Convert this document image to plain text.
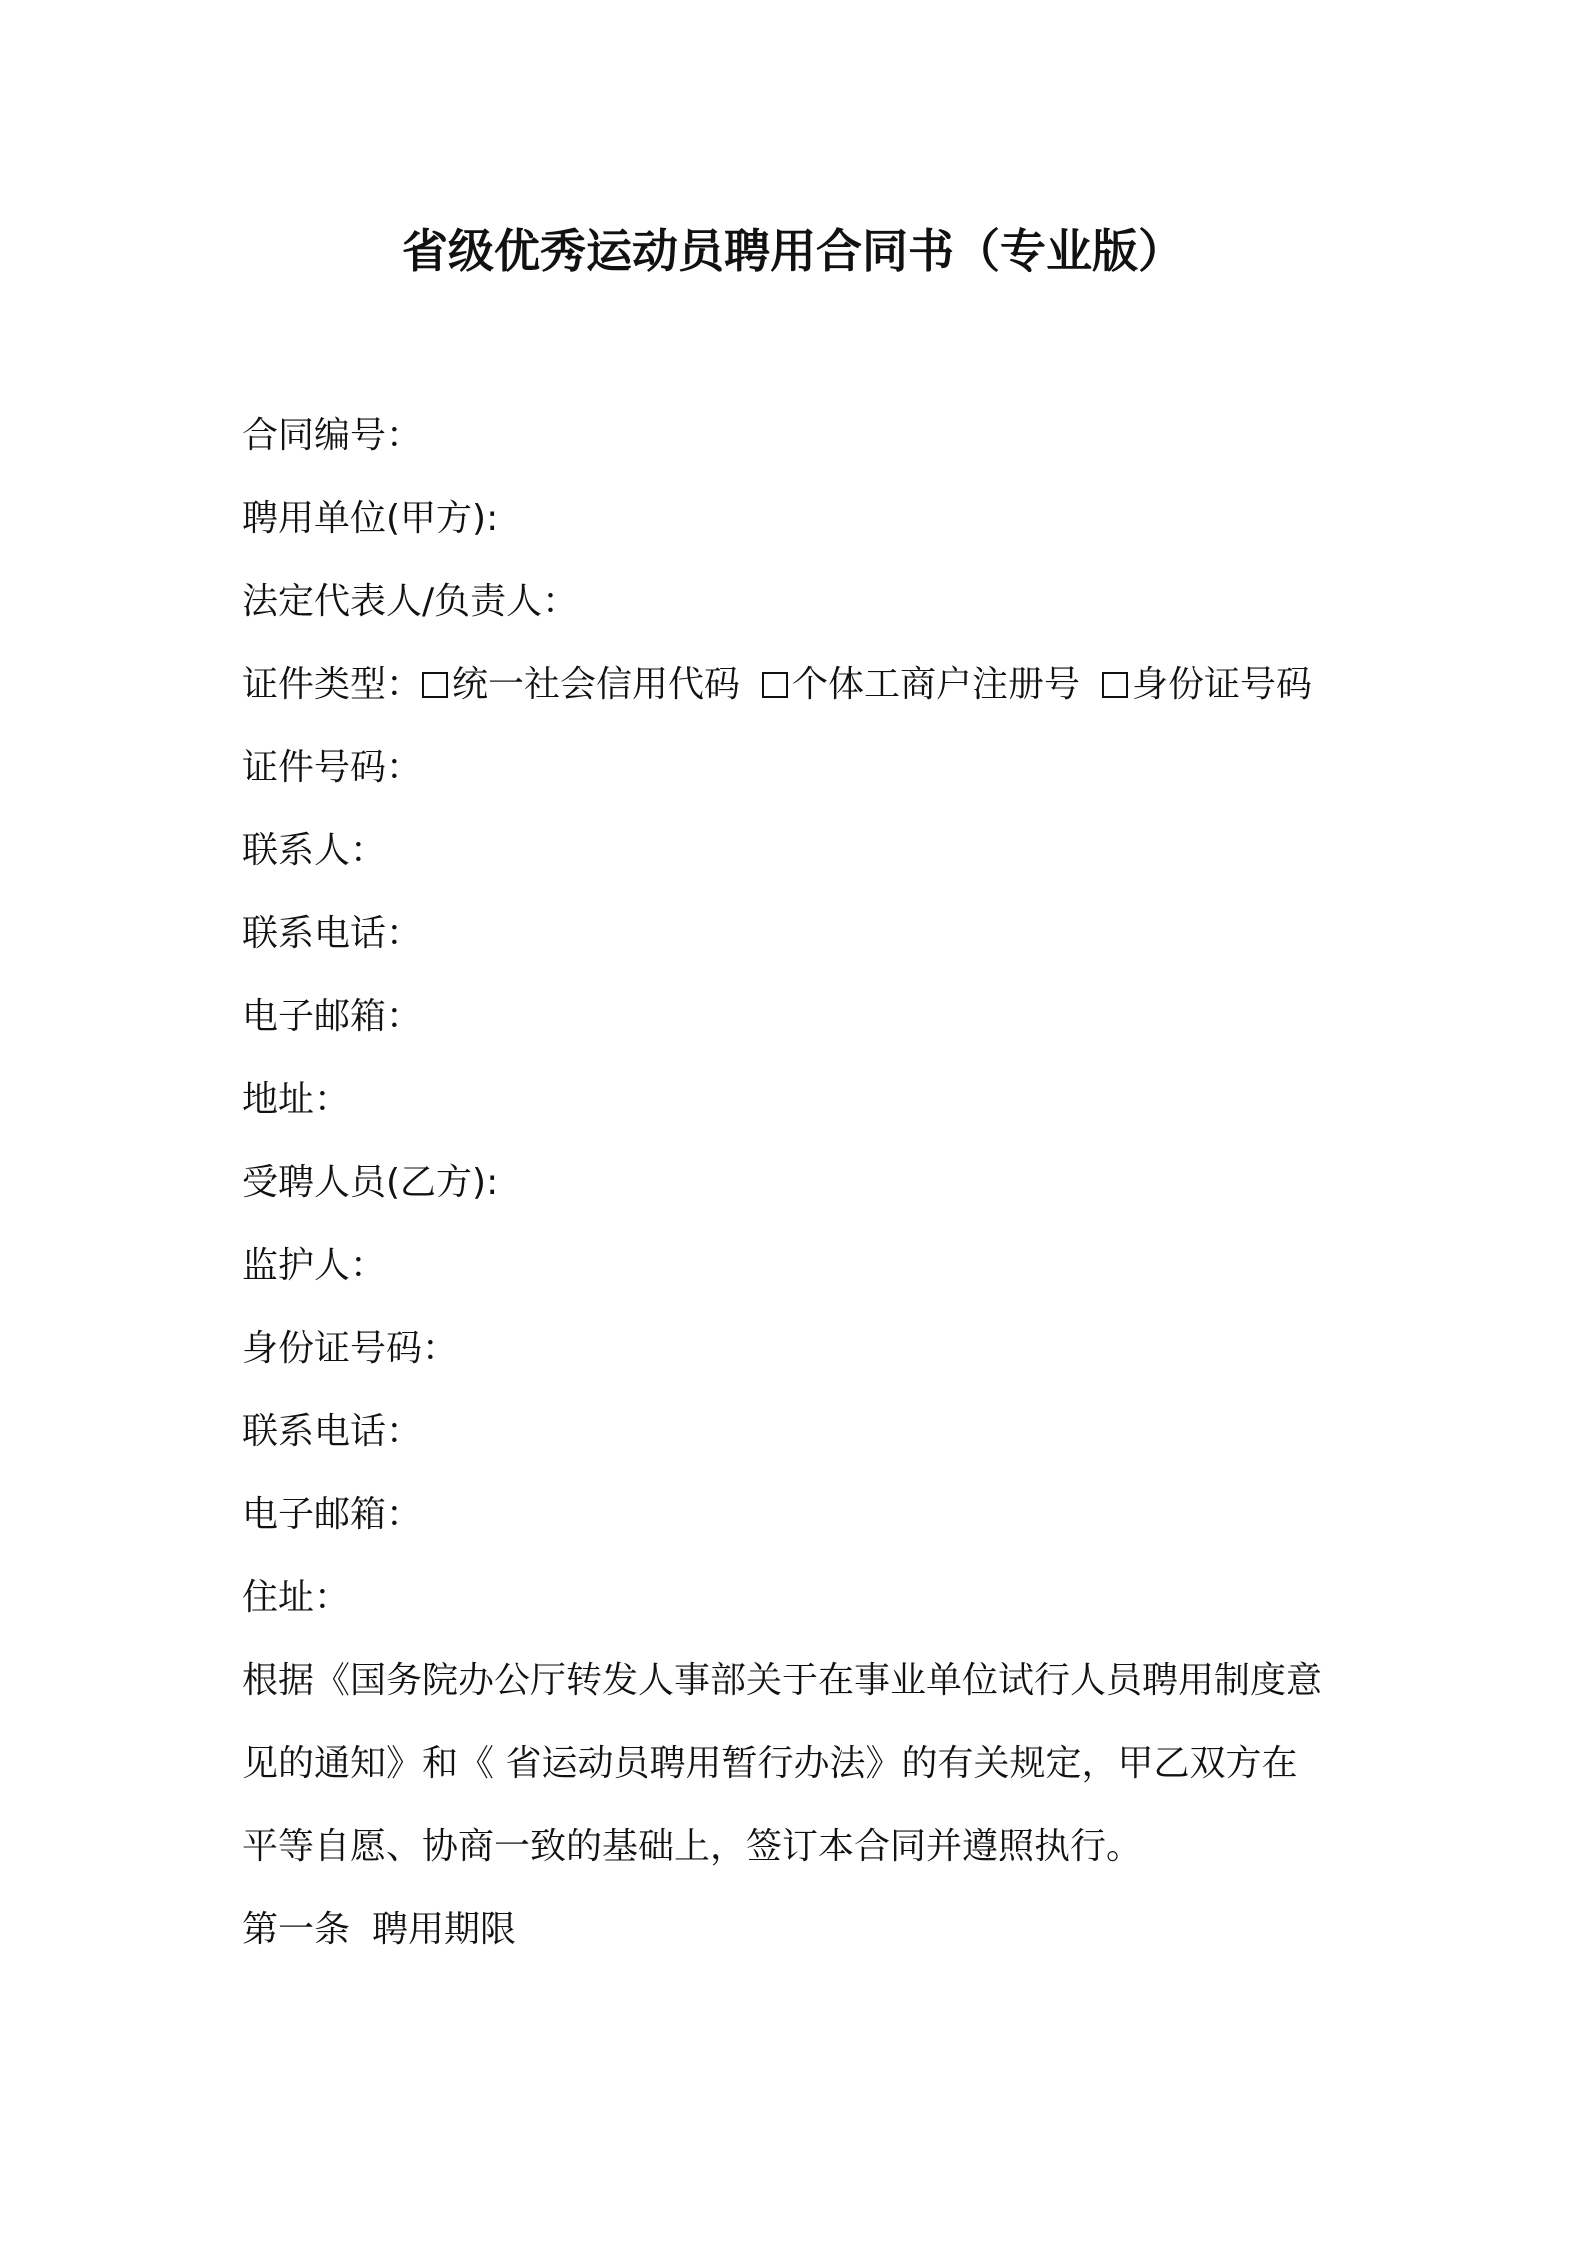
省级优秀运动员聘用合同书（专业版）
合同编号：
聘用单位(甲方):
法定代表人/负责人：
证件类型： 统一社会信用代码 个体工商户注册号 身份证号码
证件号码：
联系人：
联系电话：
电子邮箱：
地址：
受聘人员(乙方):
监护人：
身份证号码：
联系电话：
电子邮箱：
住址：
根据《国务院办公厅转发人事部关于在事业单位试行人员聘用制度意
见的通知》和《 省运动员聘用暂行办法》的有关规定，甲乙双方在
平等自愿、协商一致的基础上，签订本合同并遵照执行。
第一条 聘用期限
